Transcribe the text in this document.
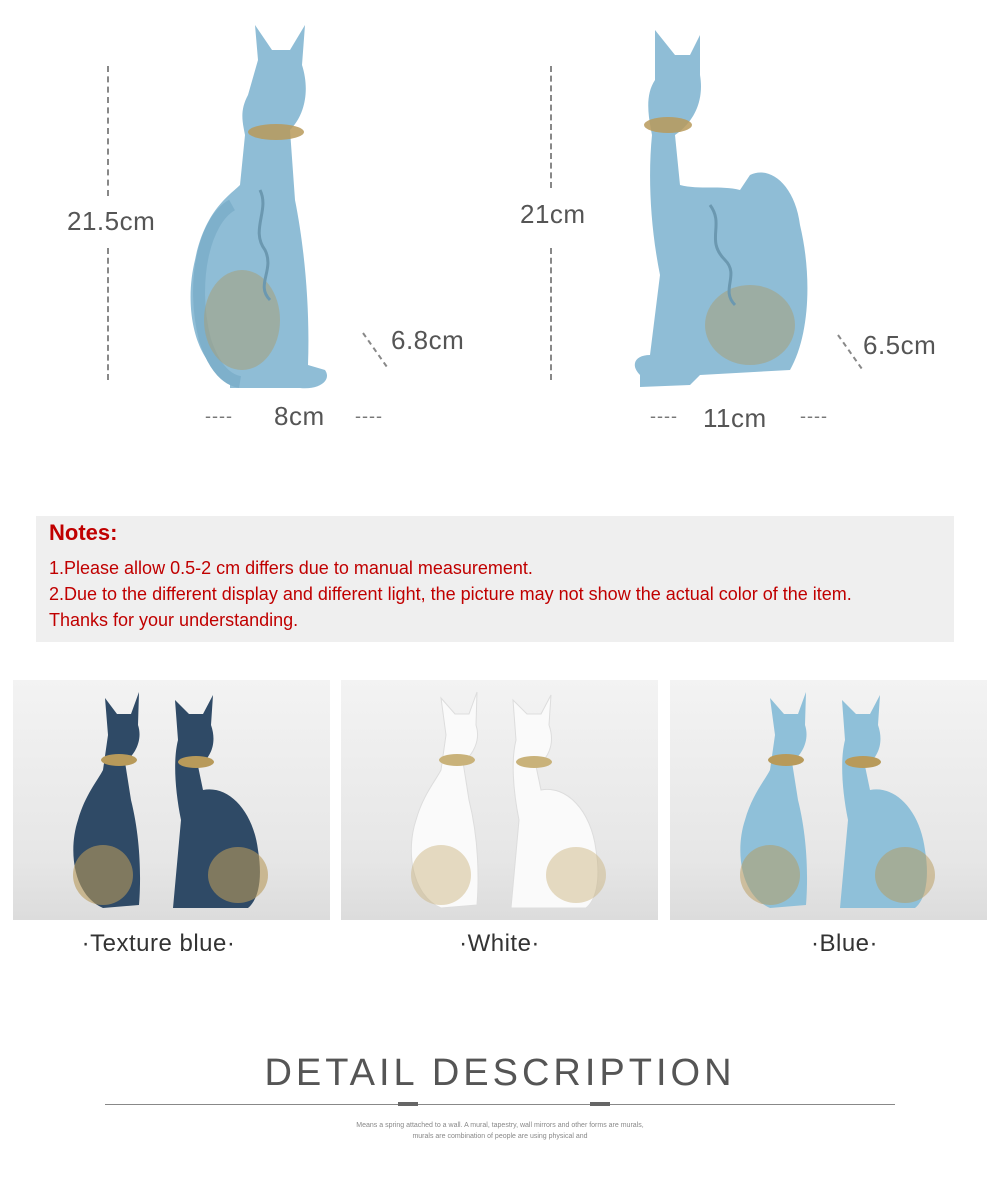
21.5cm
6.8cm
---- 8cm ----
21cm
6.5cm
---- 11cm ----
Notes:

1.Please allow 0.5-2 cm differs due to manual measurement.

2.Due to the different display and different light, the picture may not show the actual color of the item.

Thanks for your understanding.

·Texture blue·	·White·	·Blue·
DETAIL DESCRIPTION
Means a spring attached to a wall. A mural, tapestry, wall mirrors and other forms are murals,
murals are combination of people are using physical and
